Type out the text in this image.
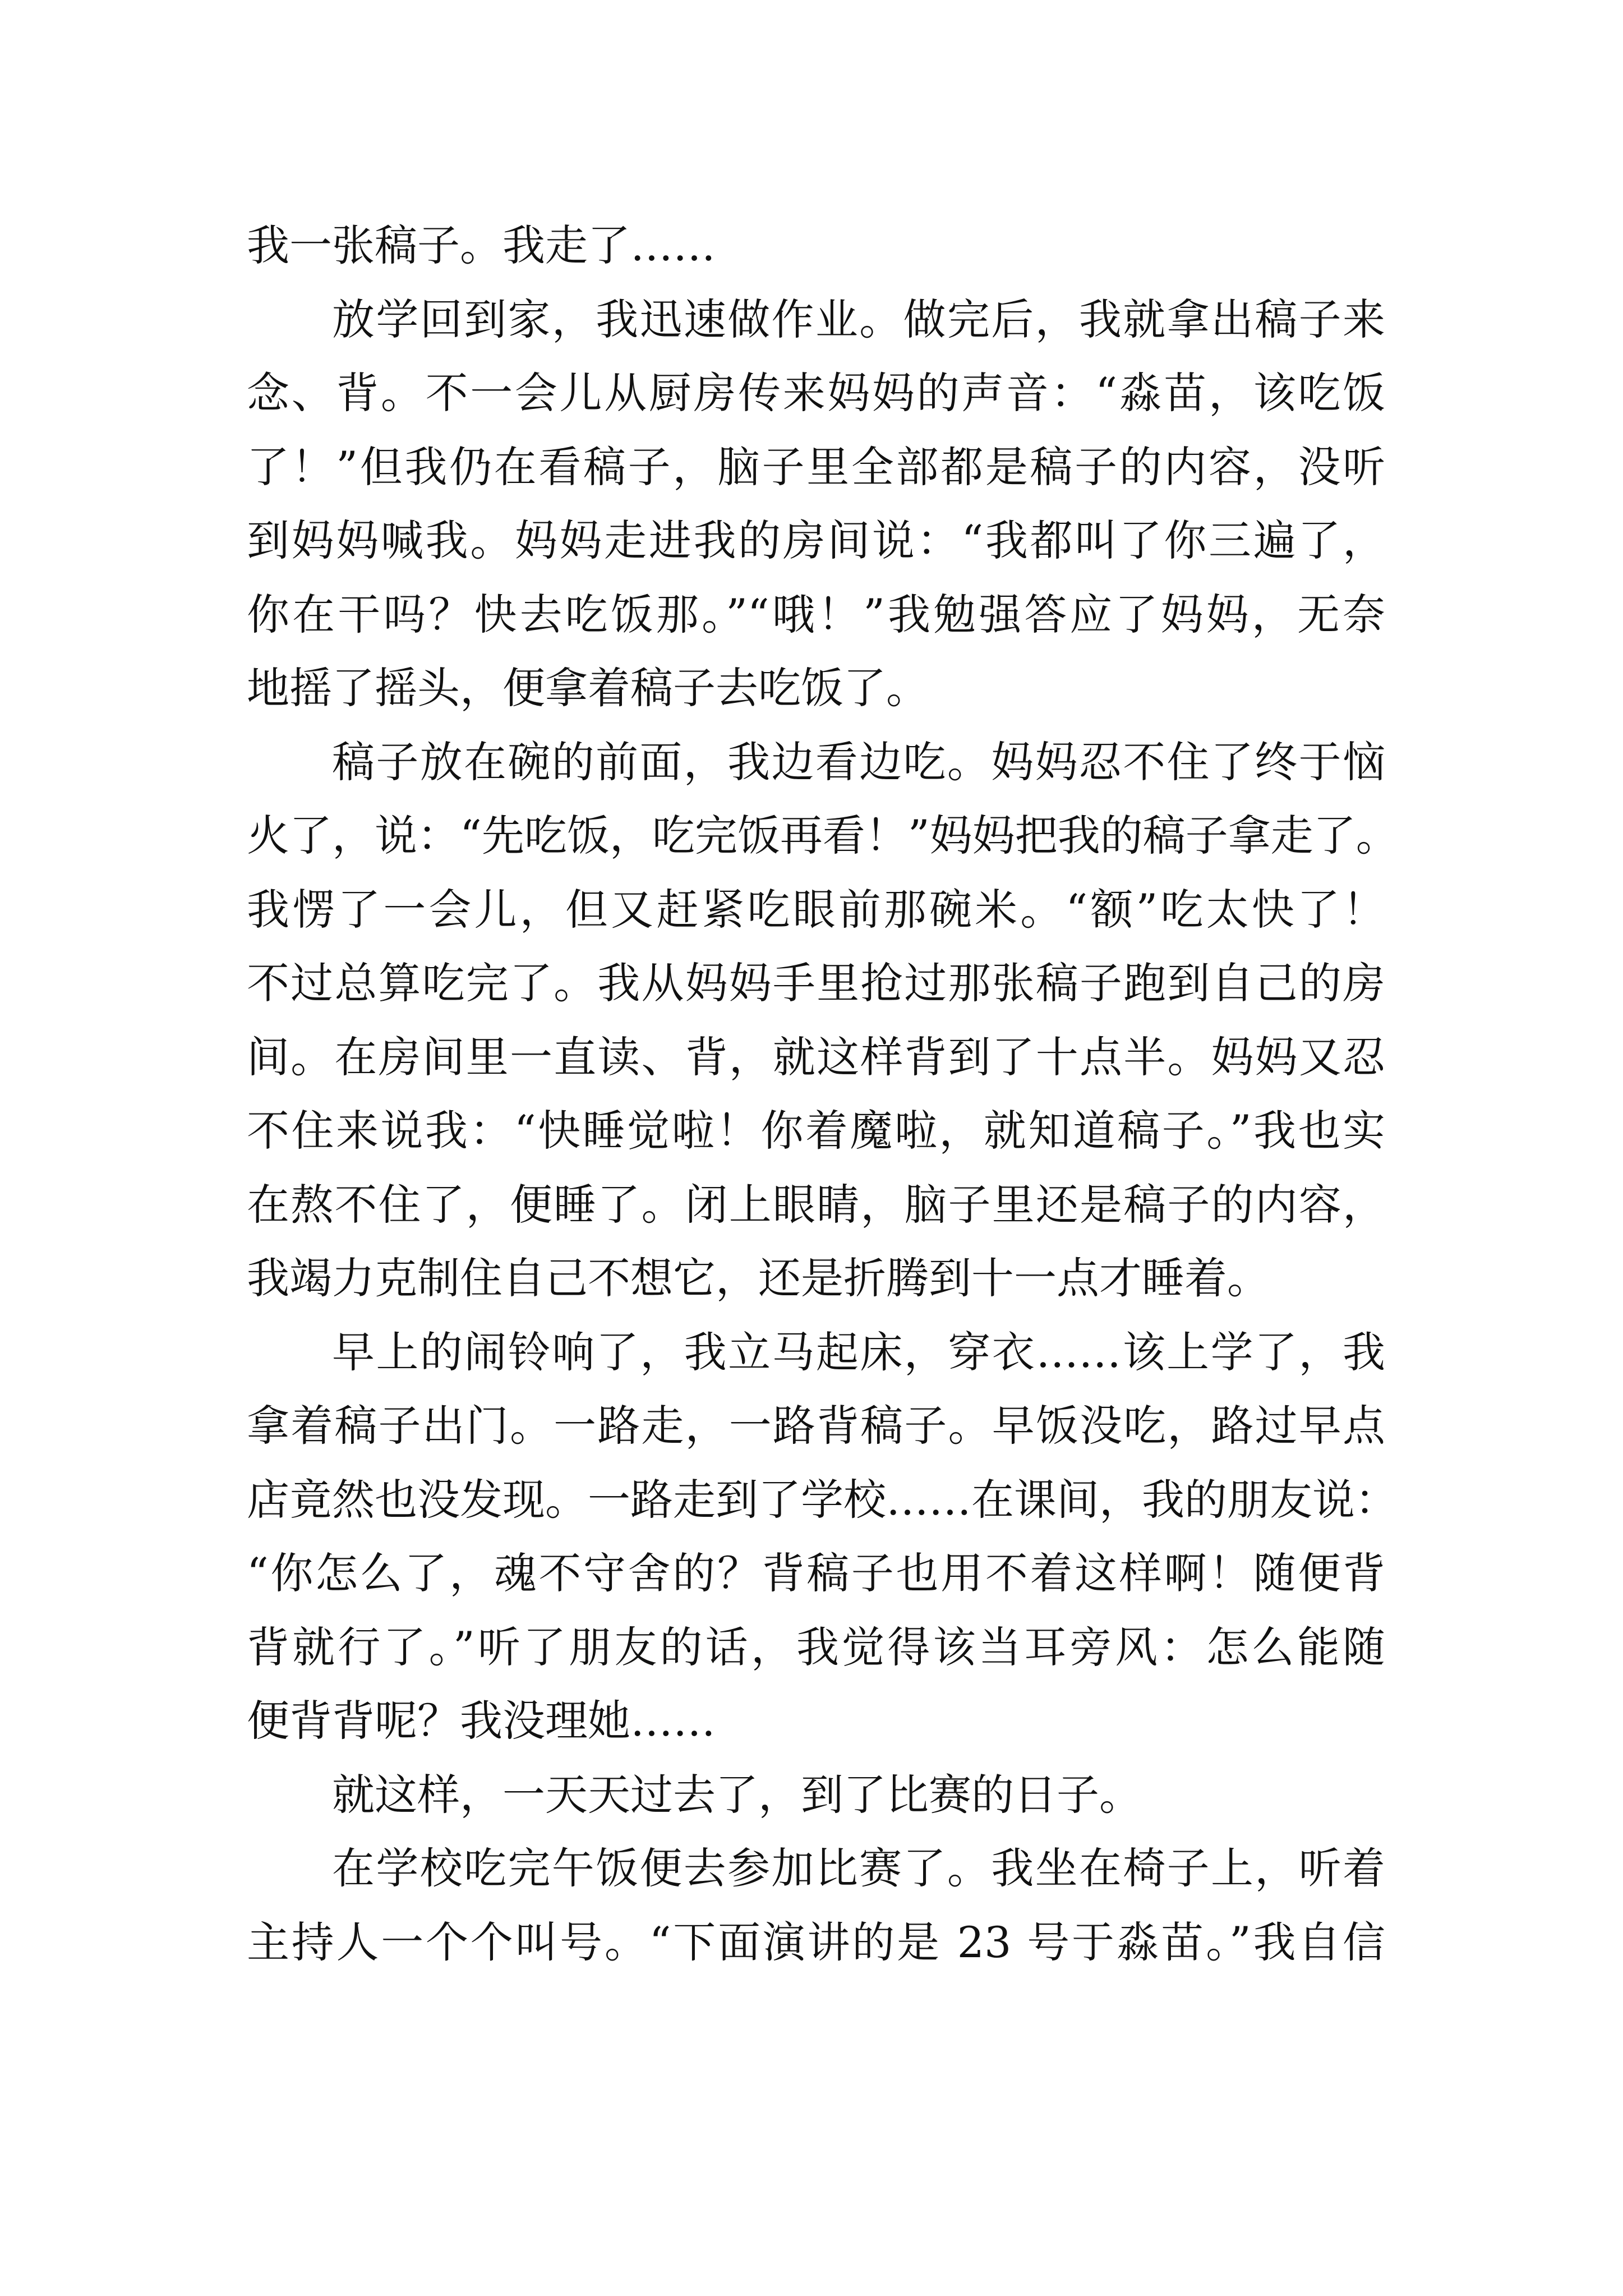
我一张稿子。我走了……
放学回到家，我迅速做作业。做完后，我就拿出稿子来
念、背。不一会儿从厨房传来妈妈的声音：“淼苗，该吃饭
了！”但我仍在看稿子，脑子里全部都是稿子的内容，没听
到妈妈喊我。妈妈走进我的房间说：“我都叫了你三遍了，
你在干吗？快去吃饭那。”“哦！”我勉强答应了妈妈，无奈
地摇了摇头，便拿着稿子去吃饭了。
稿子放在碗的前面，我边看边吃。妈妈忍不住了终于恼
火了，说：“先吃饭，吃完饭再看！”妈妈把我的稿子拿走了。
我愣了一会儿，但又赶紧吃眼前那碗米。“额”吃太快了！
不过总算吃完了。我从妈妈手里抢过那张稿子跑到自己的房
间。在房间里一直读、背，就这样背到了十点半。妈妈又忍
不住来说我：“快睡觉啦！你着魔啦，就知道稿子。”我也实
在熬不住了，便睡了。闭上眼睛，脑子里还是稿子的内容，
我竭力克制住自己不想它，还是折腾到十一点才睡着。
早上的闹铃响了，我立马起床，穿衣……该上学了，我
拿着稿子出门。一路走，一路背稿子。早饭没吃，路过早点
店竟然也没发现。一路走到了学校……在课间，我的朋友说：
“你怎么了，魂不守舍的？背稿子也用不着这样啊！随便背
背就行了。”听了朋友的话，我觉得该当耳旁风：怎么能随
便背背呢？我没理她……
就这样，一天天过去了，到了比赛的日子。
在学校吃完午饭便去参加比赛了。我坐在椅子上，听着
主持人一个个叫号。“下面演讲的是 23 号于淼苗。”我自信
